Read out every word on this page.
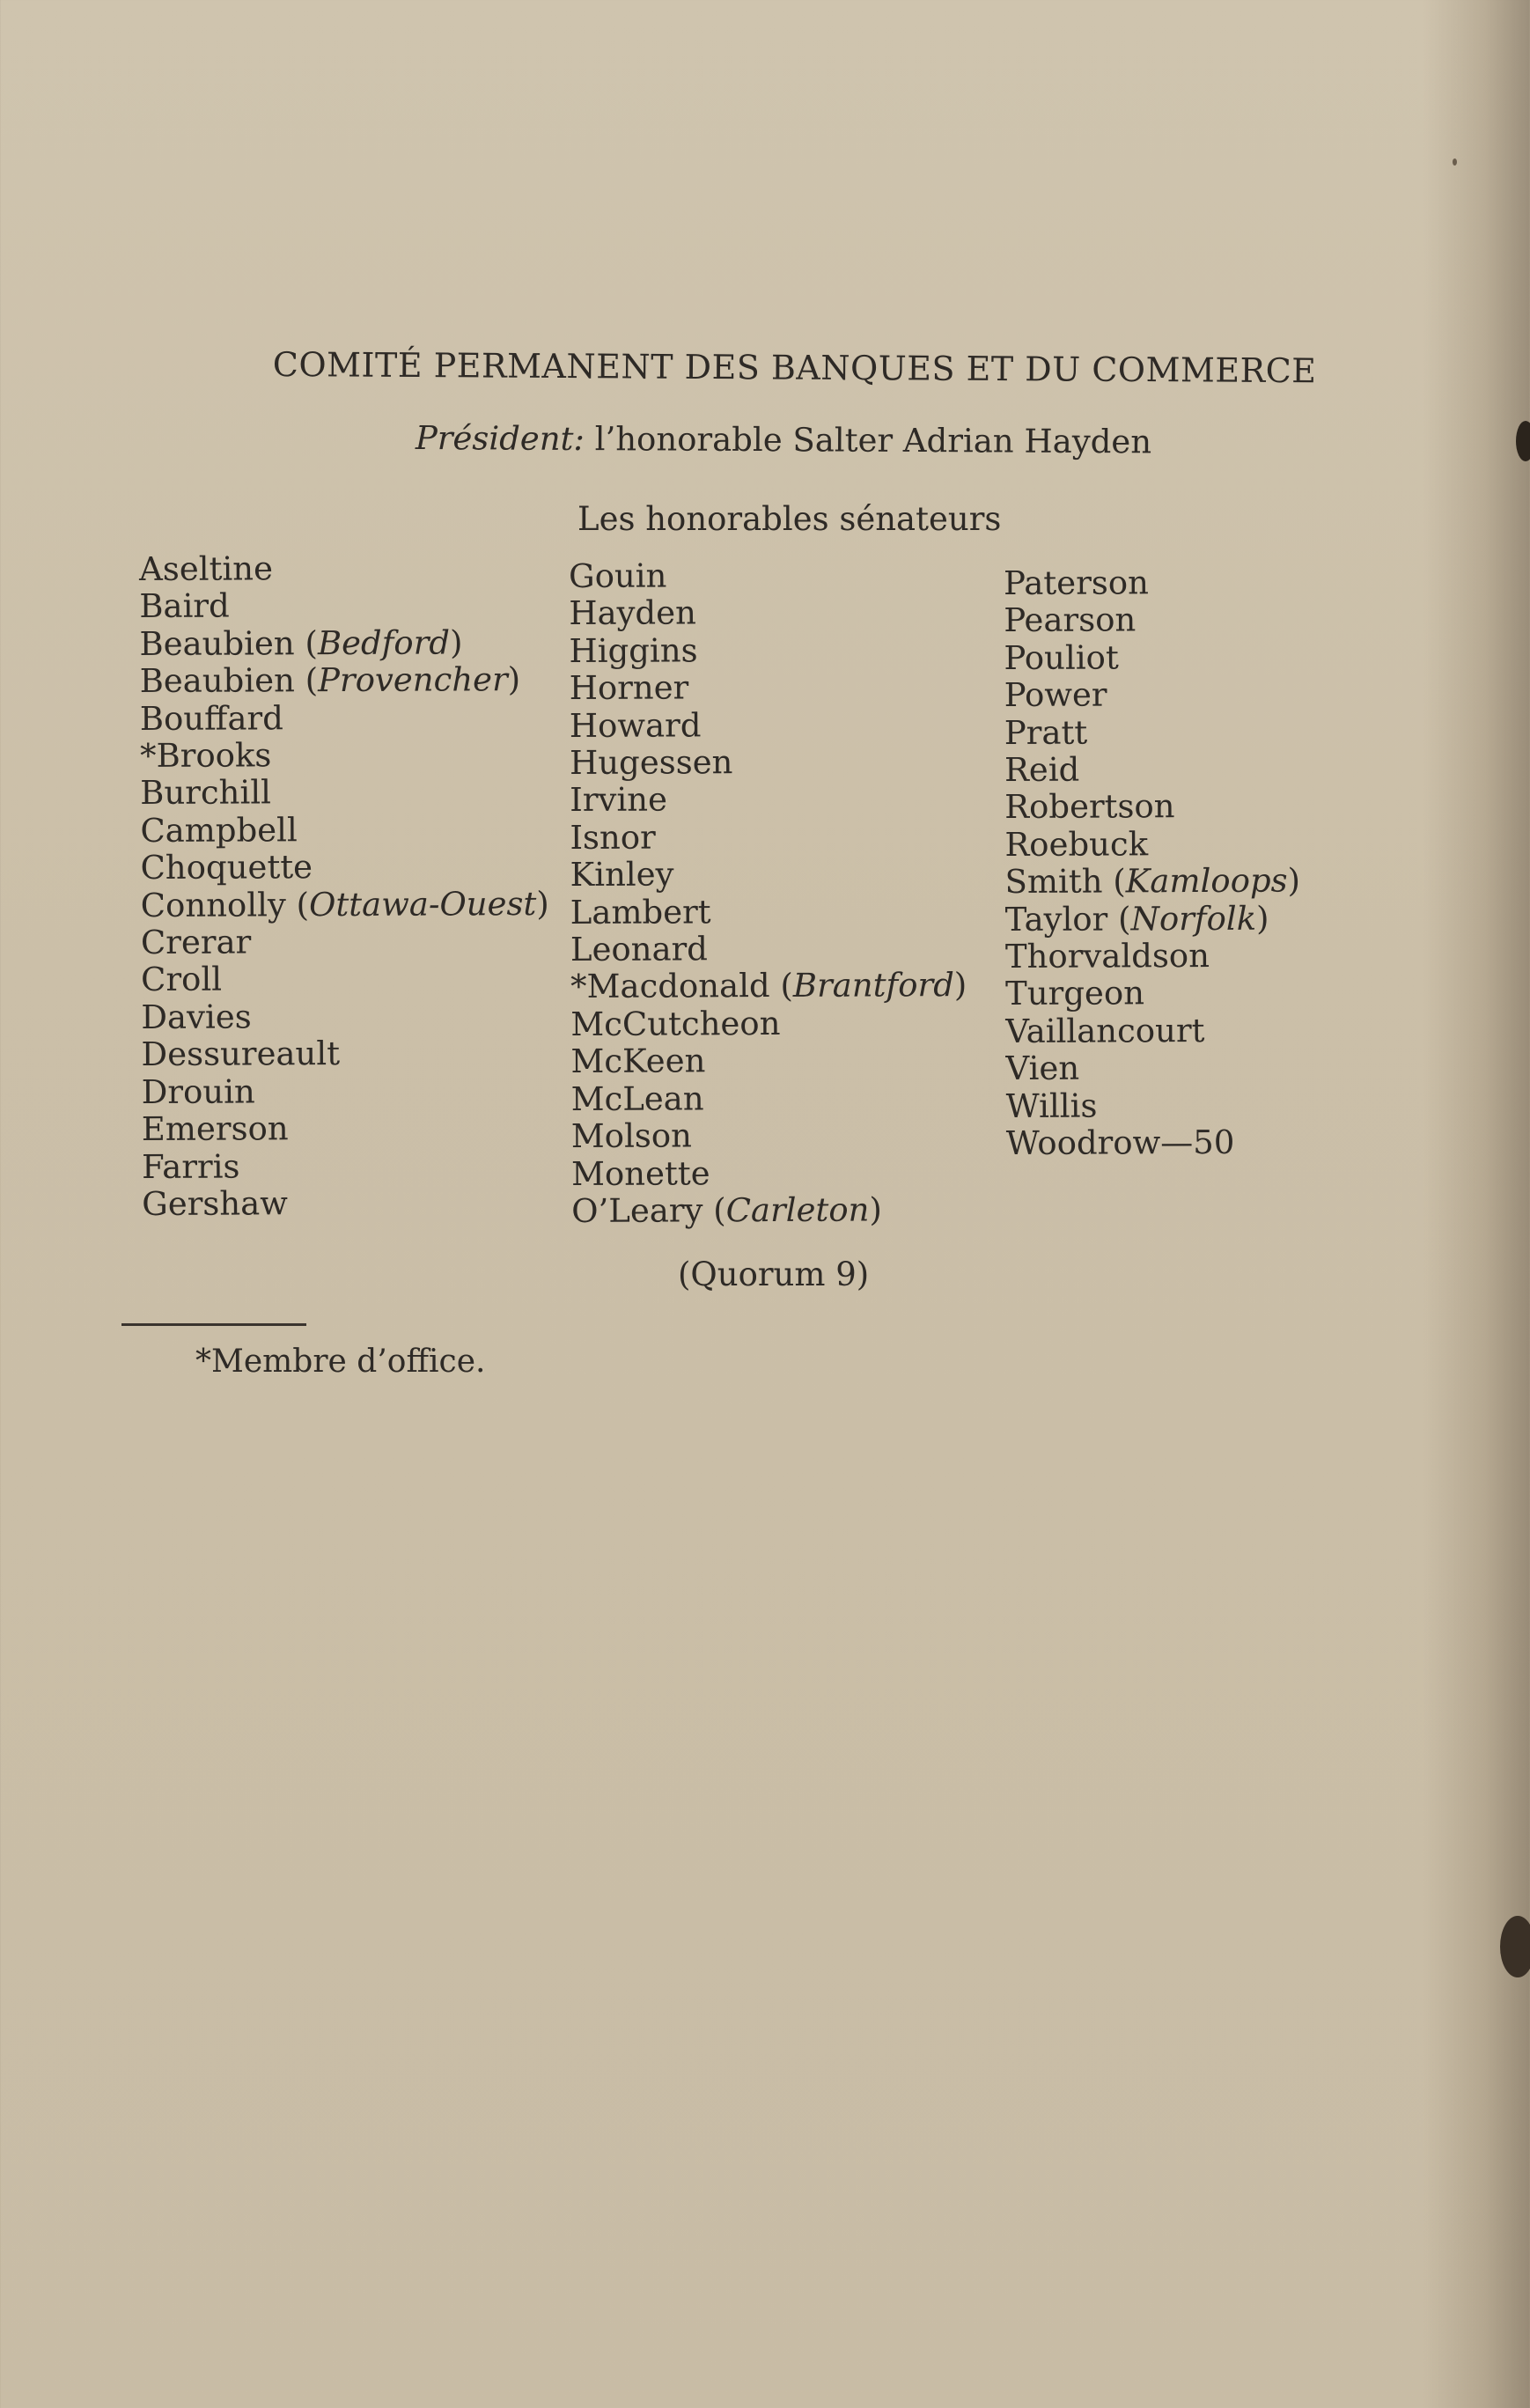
COMITÉ PERMANENT DES BANQUES ET DU COMMERCE
Président: l’honorable Salter Adrian Hayden
Les honorables sénateurs
Aseltine
Baird
Beaubien (Bedford)
Beaubien (Provencher)
Bouffard
*Brooks
Burchill
Campbell
Choquette
Connolly (Ottawa-Ouest)
Crerar
Croll
Davies
Dessureault
Drouin
Emerson
Farris
Gershaw
Gouin
Hayden
Higgins
Horner
Howard
Hugessen
Irvine
Isnor
Kinley
Lambert
Leonard
*Macdonald (Brantford)
McCutcheon
McKeen
McLean
Molson
Monette
O’Leary (Carleton)
Paterson
Pearson
Pouliot
Power
Pratt
Reid
Robertson
Roebuck
Smith (Kamloops)
Taylor (Norfolk)
Thorvaldson
Turgeon
Vaillancourt
Vien
Willis
Woodrow—50
(Quorum 9)
*Membre d’office.
